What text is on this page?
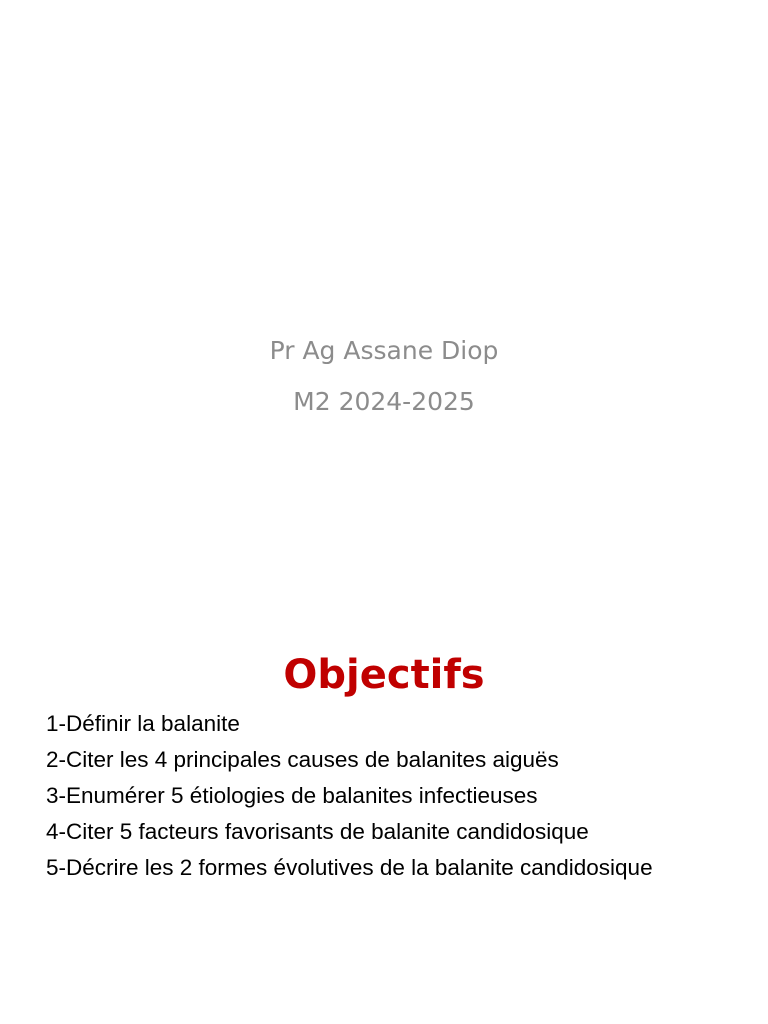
Pr Ag Assane Diop
M2 2024-2025
Objectifs
1-Définir la balanite
2-Citer les 4 principales causes de balanites aiguës
3-Enumérer 5 étiologies de balanites infectieuses
4-Citer 5 facteurs favorisants de balanite candidosique
5-Décrire les 2 formes évolutives de la balanite candidosique
